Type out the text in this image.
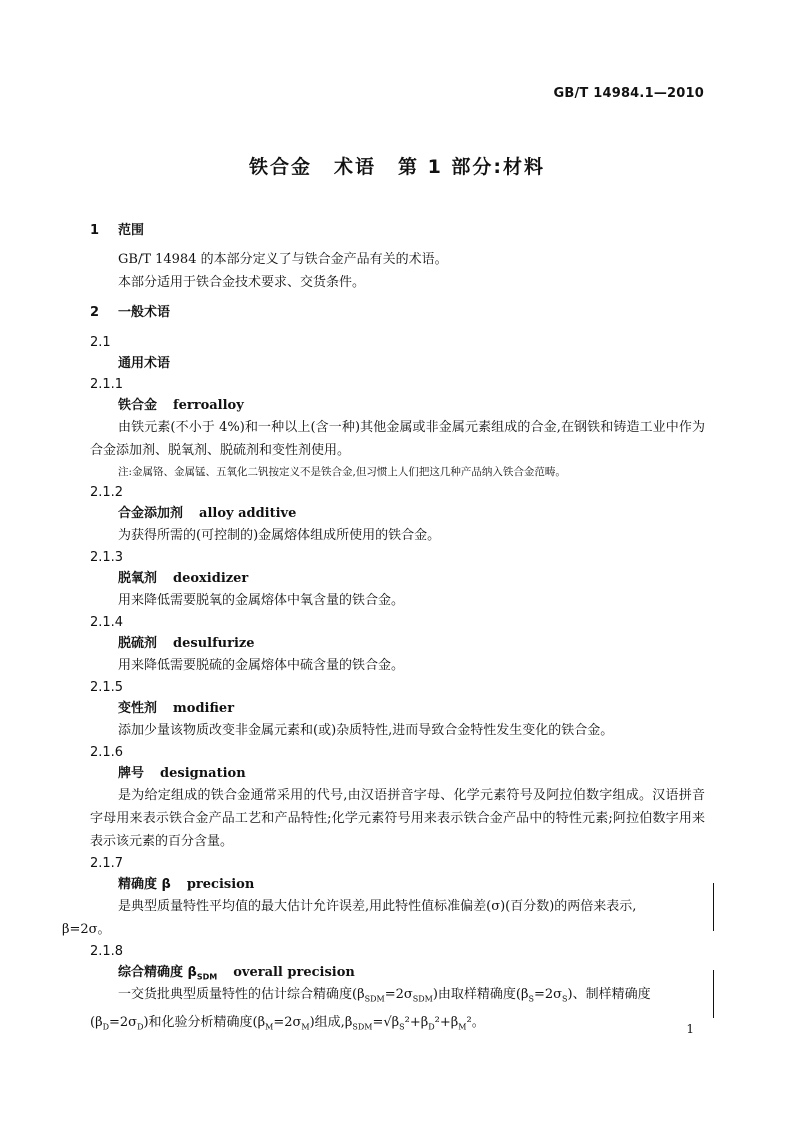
GB/T 14984.1—2010
铁合金 术语 第 1 部分:材料
1 范围
GB/T 14984 的本部分定义了与铁合金产品有关的术语。
本部分适用于铁合金技术要求、交货条件。
2 一般术语
2.1
通用术语
2.1.1
铁合金 ferroalloy
由铁元素(不小于 4%)和一种以上(含一种)其他金属或非金属元素组成的合金,在钢铁和铸造工业中作为合金添加剂、脱氧剂、脱硫剂和变性剂使用。
注:金属铬、金属锰、五氧化二钒按定义不是铁合金,但习惯上人们把这几种产品纳入铁合金范畴。
2.1.2
合金添加剂 alloy additive
为获得所需的(可控制的)金属熔体组成所使用的铁合金。
2.1.3
脱氧剂 deoxidizer
用来降低需要脱氧的金属熔体中氧含量的铁合金。
2.1.4
脱硫剂 desulfurize
用来降低需要脱硫的金属熔体中硫含量的铁合金。
2.1.5
变性剂 modifier
添加少量该物质改变非金属元素和(或)杂质特性,进而导致合金特性发生变化的铁合金。
2.1.6
牌号 designation
是为给定组成的铁合金通常采用的代号,由汉语拼音字母、化学元素符号及阿拉伯数字组成。汉语拼音字母用来表示铁合金产品工艺和产品特性;化学元素符号用来表示铁合金产品中的特性元素;阿拉伯数字用来表示该元素的百分含量。
2.1.7
精确度 β precision
是典型质量特性平均值的最大估计允许误差,用此特性值标准偏差(σ)(百分数)的两倍来表示,
β=2σ。
2.1.8
综合精确度 $\beta_{SDM}$ overall precision
一交货批典型质量特性的估计综合精确度$(\beta_{SDM}=2\sigma_{SDM})$由取样精确度$(\beta_S=2\sigma_S)$、制样精确度
$(\beta_D=2\sigma_D)$和化验分析精确度$(\beta_M=2\sigma_M)$组成$,\beta_{SDM}=√\beta_S^2+\beta_D^2+\beta_M^2$。	1
